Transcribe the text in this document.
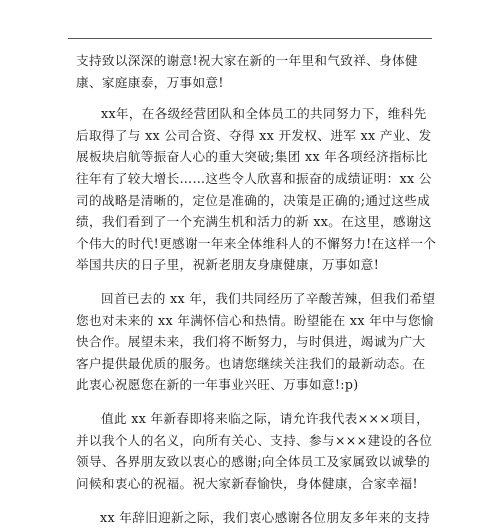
支持致以深深的谢意!祝大家在新的一年里和气致祥、身体健康、家庭康泰，万事如意!

xx年，在各级经营团队和全体员工的共同努力下，维科先后取得了与 xx 公司合资、夺得 xx 开发权、进军 xx 产业、发展板块启航等振奋人心的重大突破;集团 xx 年各项经济指标比往年有了较大增长……这些令人欣喜和振奋的成绩证明：xx 公司的战略是清晰的，定位是准确的，决策是正确的;通过这些成绩，我们看到了一个充满生机和活力的新 xx。在这里，感谢这个伟大的时代!更感谢一年来全体维科人的不懈努力!在这样一个举国共庆的日子里，祝新老朋友身康健康，万事如意!

回首已去的 xx 年，我们共同经历了辛酸苦辣，但我们希望您也对未来的 xx 年满怀信心和热情。盼望能在 xx 年中与您愉快合作。展望未来，我们将不断努力，与时俱进，竭诚为广大客户提供最优质的服务。也请您继续关注我们的最新动态。在此衷心祝愿您在新的一年事业兴旺、万事如意!:p)

值此 xx 年新春即将来临之际，请允许我代表×××项目，并以我个人的名义，向所有关心、支持、参与×××建设的各位领导、各界朋友致以衷心的感谢;向全体员工及家属致以诚挚的问候和衷心的祝福。祝大家新春愉快，身体健康，合家幸福!

xx 年辞旧迎新之际，我们衷心感谢各位朋友多年来的支持
